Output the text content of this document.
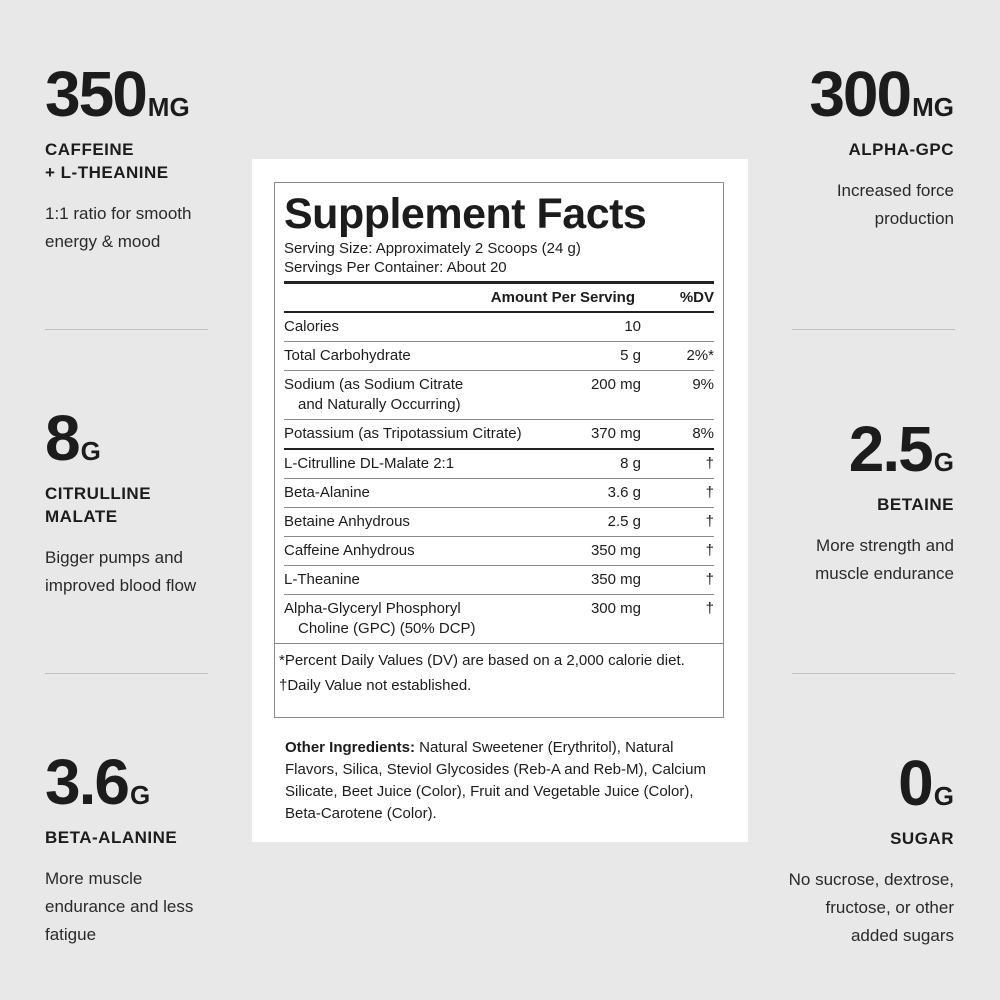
350MG
CAFFEINE
+ L-THEANINE
1:1 ratio for smooth
energy & mood
8G
CITRULLINE
MALATE
Bigger pumps and
improved blood flow
3.6G
BETA-ALANINE
More muscle
endurance and less
fatigue
300MG
ALPHA-GPC
Increased force
production
2.5G
BETAINE
More strength and
muscle endurance
0G
SUGAR
No sucrose, dextrose,
fructose, or other
added sugars
Supplement Facts
Serving Size: Approximately 2 Scoops (24 g)
Servings Per Container: About 20
Amount Per Serving	%DV
Calories	10
Total Carbohydrate	5 g	2%*
Sodium (as Sodium Citrate
and Naturally Occurring)
200 mg	9%
Potassium (as Tripotassium Citrate)	370 mg	8%
L-Citrulline DL-Malate 2:1	8 g	†
Beta-Alanine	3.6 g	†
Betaine Anhydrous	2.5 g	†
Caffeine Anhydrous	350 mg	†
L-Theanine	350 mg	†
Alpha-Glyceryl Phosphoryl
Choline (GPC) (50% DCP)
300 mg	†
*Percent Daily Values (DV) are based on a 2,000 calorie diet.
†Daily Value not established.
Other Ingredients: Natural Sweetener (Erythritol), Natural Flavors, Silica, Steviol Glycosides (Reb-A and Reb-M), Calcium Silicate, Beet Juice (Color), Fruit and Vegetable Juice (Color), Beta-Carotene (Color).
